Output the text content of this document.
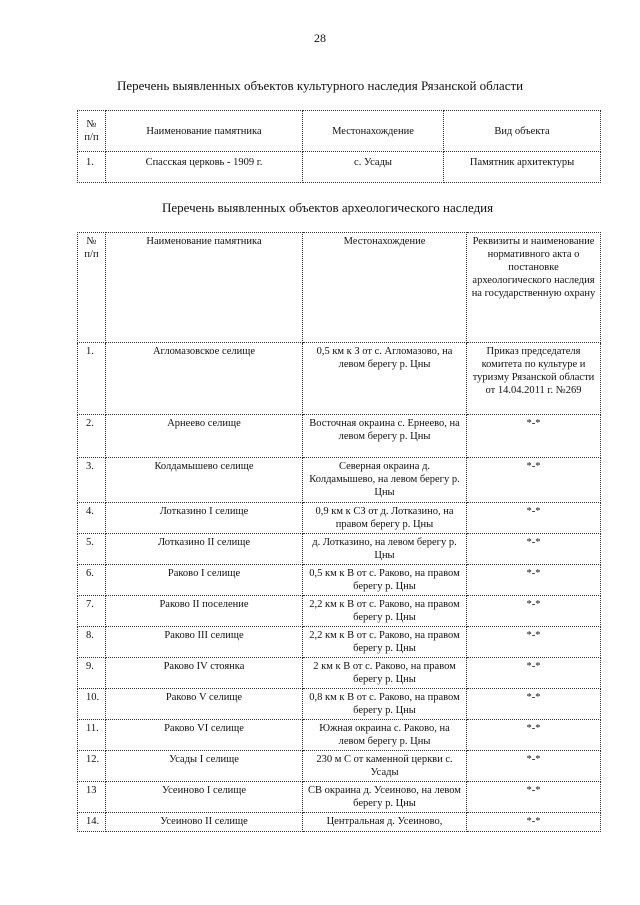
28
Перечень выявленных объектов культурного наследия Рязанской области
№ п/п	Наименование памятника	Местонахождение	Вид объекта
1.	Спасская церковь - 1909 г.	с. Усады	Памятник архитектуры
Перечень выявленных объектов археологического наследия
№ п/п	Наименование памятника	Местонахождение	Реквизиты и наименование нормативного акта о постановке археологического наследия на государственную охрану
1.	Агломазовское селище	0,5 км к З от с. Агломазово, на левом берегу р. Цны	Приказ председателя комитета по культуре и туризму Рязанской области от 14.04.2011 г. №269
2.	Арнеево селище	Восточная окраина с. Ернеево, на левом берегу р. Цны	*-*
3.	Колдамышево селище	Северная окраина д. Колдамышево, на левом берегу р. Цны	*-*
4.	Лотказино I селище	0,9 км к СЗ от д. Лотказино, на правом берегу р. Цны	*-*
5.	Лотказино II селище	д. Лотказино, на левом берегу р. Цны	*-*
6.	Раково I селище	0,5 км к В от с. Раково, на правом берегу р. Цны	*-*
7.	Раково II поселение	2,2 км к В от с. Раково, на правом берегу р. Цны	*-*
8.	Раково III селище	2,2 км к В от с. Раково, на правом берегу р. Цны	*-*
9.	Раково IV стоянка	2 км к В от с. Раково, на правом берегу р. Цны	*-*
10.	Раково V селище	0,8 км к В от с. Раково, на правом берегу р. Цны	*-*
11.	Раково VI селище	Южная окраина с. Раково, на левом берегу р. Цны	*-*
12.	Усады I селище	230 м С от каменной церкви с. Усады	*-*
13	Усеиново I селище	СВ окраина д. Усеиново, на левом берегу р. Цны	*-*
14.	Усеиново II селище	Центральная д. Усеиново,	*-*
